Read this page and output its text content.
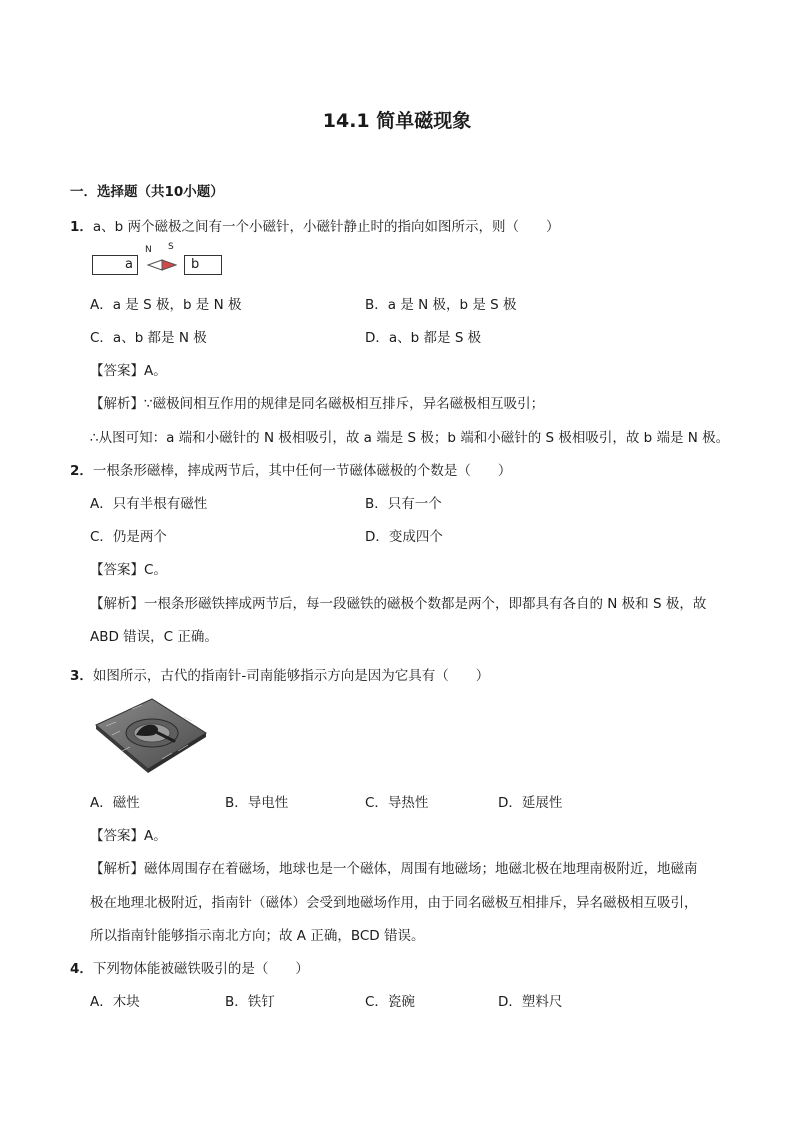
14.1 简单磁现象
一．选择题（共10小题）
1．a、b 两个磁极之间有一个小磁针，小磁针静止时的指向如图所示，则（　　）
a
N S
b
A．a 是 S 极，b 是 N 极	B．a 是 N 极，b 是 S 极
C．a、b 都是 N 极	D．a、b 都是 S 极
【答案】A。
【解析】∵磁极间相互作用的规律是同名磁极相互排斥，异名磁极相互吸引；
∴从图可知：a 端和小磁针的 N 极相吸引，故 a 端是 S 极；b 端和小磁针的 S 极相吸引，故 b 端是 N 极。
2．一根条形磁棒，摔成两节后，其中任何一节磁体磁极的个数是（　　）
A．只有半根有磁性	B．只有一个
C．仍是两个	D．变成四个
【答案】C。
【解析】一根条形磁铁摔成两节后，每一段磁铁的磁极个数都是两个，即都具有各自的 N 极和 S 极，故
ABD 错误，C 正确。
3．如图所示，古代的指南针-司南能够指示方向是因为它具有（　　）
A．磁性	B．导电性	C．导热性	D．延展性
【答案】A。
【解析】磁体周围存在着磁场，地球也是一个磁体，周围有地磁场；地磁北极在地理南极附近，地磁南
极在地理北极附近，指南针（磁体）会受到地磁场作用，由于同名磁极互相排斥，异名磁极相互吸引，
所以指南针能够指示南北方向；故 A 正确，BCD 错误。
4．下列物体能被磁铁吸引的是（　　）
A．木块	B．铁钉	C．瓷碗	D．塑料尺
